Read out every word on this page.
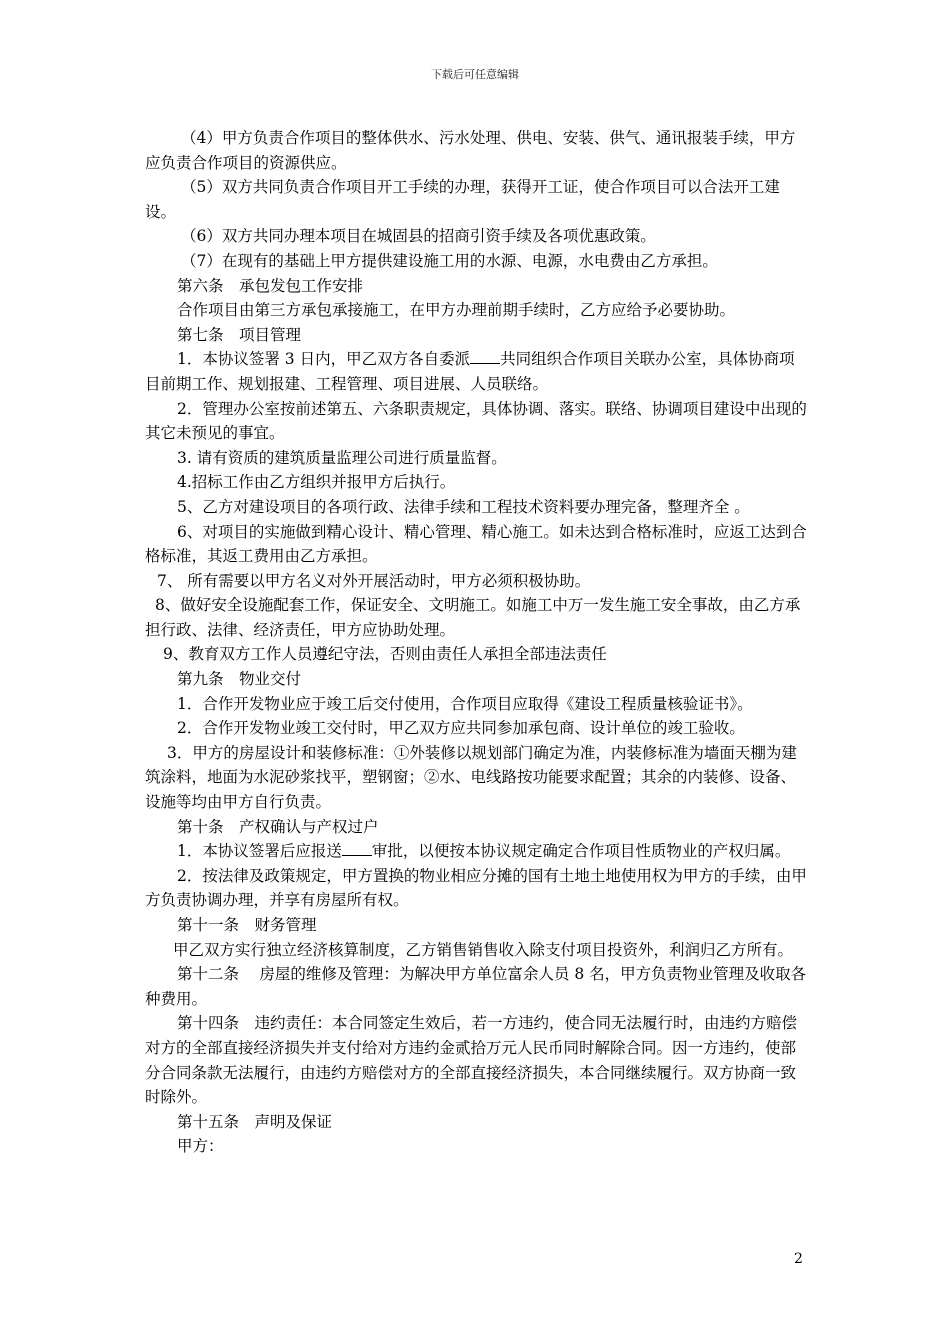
下载后可任意编辑

（4）甲方负责合作项目的整体供水、污水处理、供电、安装、供气、通讯报装手续，甲方应负责合作项目的资源供应。

（5）双方共同负责合作项目开工手续的办理，获得开工证，使合作项目可以合法开工建设。

（6）双方共同办理本项目在城固县的招商引资手续及各项优惠政策。

（7）在现有的基础上甲方提供建设施工用的水源、电源，水电费由乙方承担。

第六条　承包发包工作安排

合作项目由第三方承包承接施工，在甲方办理前期手续时，乙方应给予必要协助。

第七条　项目管理

1．本协议签署 3 日内，甲乙双方各自委派 共同组织合作项目关联办公室，具体协商项目前期工作、规划报建、工程管理、项目进展、人员联络。

2．管理办公室按前述第五、六条职责规定，具体协调、落实。联络、协调项目建设中出现的其它未预见的事宜。

3. 请有资质的建筑质量监理公司进行质量监督。

4.招标工作由乙方组织并报甲方后执行。

5、乙方对建设项目的各项行政、法律手续和工程技术资料要办理完备，整理齐全 。

6、对项目的实施做到精心设计、精心管理、精心施工。如未达到合格标准时，应返工达到合格标准，其返工费用由乙方承担。

7、 所有需要以甲方名义对外开展活动时，甲方必须积极协助。

8、做好安全设施配套工作，保证安全、文明施工。如施工中万一发生施工安全事故，由乙方承担行政、法律、经济责任，甲方应协助处理。

9、教育双方工作人员遵纪守法，否则由责任人承担全部违法责任

第九条　物业交付

1．合作开发物业应于竣工后交付使用，合作项目应取得《建设工程质量核验证书》。

2．合作开发物业竣工交付时，甲乙双方应共同参加承包商、设计单位的竣工验收。

3．甲方的房屋设计和装修标准：①外装修以规划部门确定为准，内装修标准为墙面天棚为建筑涂料，地面为水泥砂浆找平，塑钢窗；②水、电线路按功能要求配置；其余的内装修、设备、设施等均由甲方自行负责。

第十条　产权确认与产权过户

1．本协议签署后应报送 审批，以便按本协议规定确定合作项目性质物业的产权归属。

2．按法律及政策规定，甲方置换的物业相应分摊的国有土地土地使用权为甲方的手续，由甲方负责协调办理，并享有房屋所有权。

第十一条　财务管理

甲乙双方实行独立经济核算制度，乙方销售销售收入除支付项目投资外，利润归乙方所有。

第十二条　 房屋的维修及管理：为解决甲方单位富余人员 8 名，甲方负责物业管理及收取各种费用。

第十四条　违约责任：本合同签定生效后，若一方违约，使合同无法履行时，由违约方赔偿对方的全部直接经济损失并支付给对方违约金贰拾万元人民币同时解除合同。因一方违约，使部分合同条款无法履行，由违约方赔偿对方的全部直接经济损失，本合同继续履行。双方协商一致时除外。

第十五条　声明及保证

甲方：

2
